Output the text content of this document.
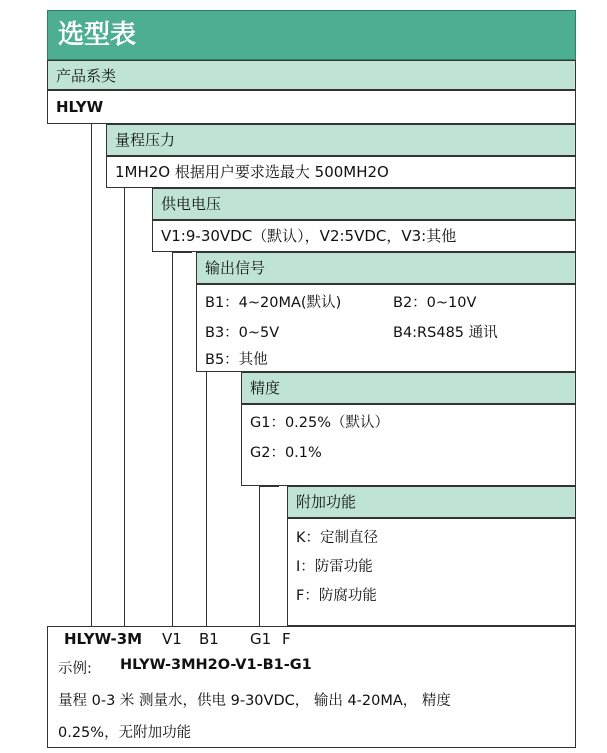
选型表
产品系类
HLYW
量程压力
1MH2O 根据用户要求选最大 500MH2O
供电电压
V1:9-30VDC（默认），V2:5VDC，V3:其他
输出信号
B1：4~20MA(默认)	B2：0~10V
B3：0~5V	B4:RS485 通讯
B5：其他
精度
G1：0.25%（默认）
G2：0.1%
附加功能
K：定制直径
I：防雷功能
F：防腐功能
示例: HLYW-3MH2O-V1-B1-G1
量程 0-3 米 测量水，供电 9-30VDC， 输出 4-20MA， 精度
0.25%，无附加功能
HLYW-3M V1 B1 G1 F
